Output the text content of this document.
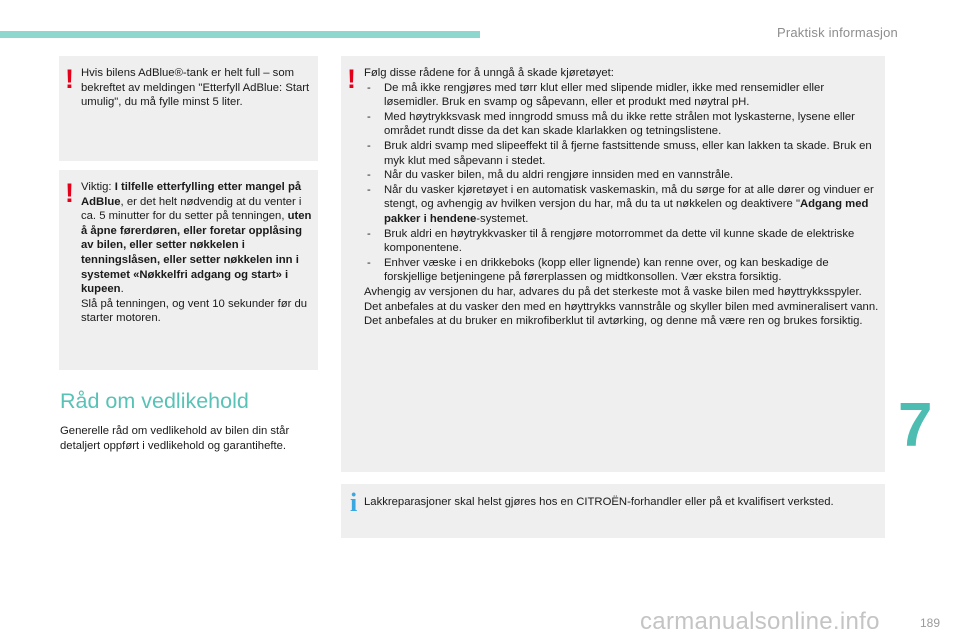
Praktisk informasjon
! Hvis bilens AdBlue®-tank er helt full – som bekreftet av meldingen "Etterfyll AdBlue: Start umulig", du må fylle minst 5 liter.
! Viktig: I tilfelle etterfylling etter mangel på AdBlue, er det helt nødvendig at du venter i ca. 5 minutter for du setter på tenningen, uten å åpne førerdøren, eller foretar opplåsing av bilen, eller setter nøkkelen i tenningslåsen, eller setter nøkkelen inn i systemet «Nøkkelfri adgang og start» i kupeen.

Slå på tenningen, og vent 10 sekunder før du starter motoren.

Råd om vedlikehold
Generelle råd om vedlikehold av bilen din står detaljert oppført i vedlikehold og garantihefte.
! Følg disse rådene for å unngå å skade kjøretøyet:

- De må ikke rengjøres med tørr klut eller med slipende midler, ikke med rensemidler eller løsemidler. Bruk en svamp og såpevann, eller et produkt med nøytral pH.
- Med høytrykksvask med inngrodd smuss må du ikke rette strålen mot lyskasterne, lysene eller området rundt disse da det kan skade klarlakken og tetningslistene.
- Bruk aldri svamp med slipeeffekt til å fjerne fastsittende smuss, eller kan lakken ta skade. Bruk en myk klut med såpevann i stedet.
- Når du vasker bilen, må du aldri rengjøre innsiden med en vannstråle.
- Når du vasker kjøretøyet i en automatisk vaskemaskin, må du sørge for at alle dører og vinduer er stengt, og avhengig av hvilken versjon du har, må du ta ut nøkkelen og deaktivere "Adgang med pakker i hendene-systemet.
- Bruk aldri en høytrykkvasker til å rengjøre motorrommet da dette vil kunne skade de elektriske komponentene.
- Enhver væske i en drikkeboks (kopp eller lignende) kan renne over, og kan beskadige de forskjellige betjeningene på førerplassen og midtkonsollen. Vær ekstra forsiktig.

Avhengig av versjonen du har, advares du på det sterkeste mot å vaske bilen med høyttrykksspyler. Det anbefales at du vasker den med en høyttrykks vannstråle og skyller bilen med avmineralisert vann.

Det anbefales at du bruker en mikrofiberklut til avtørking, og denne må være ren og brukes forsiktig.

i Lakkreparasjoner skal helst gjøres hos en CITROËN-forhandler eller på et kvalifisert verksted.
7
carmanualsonline.info	189
